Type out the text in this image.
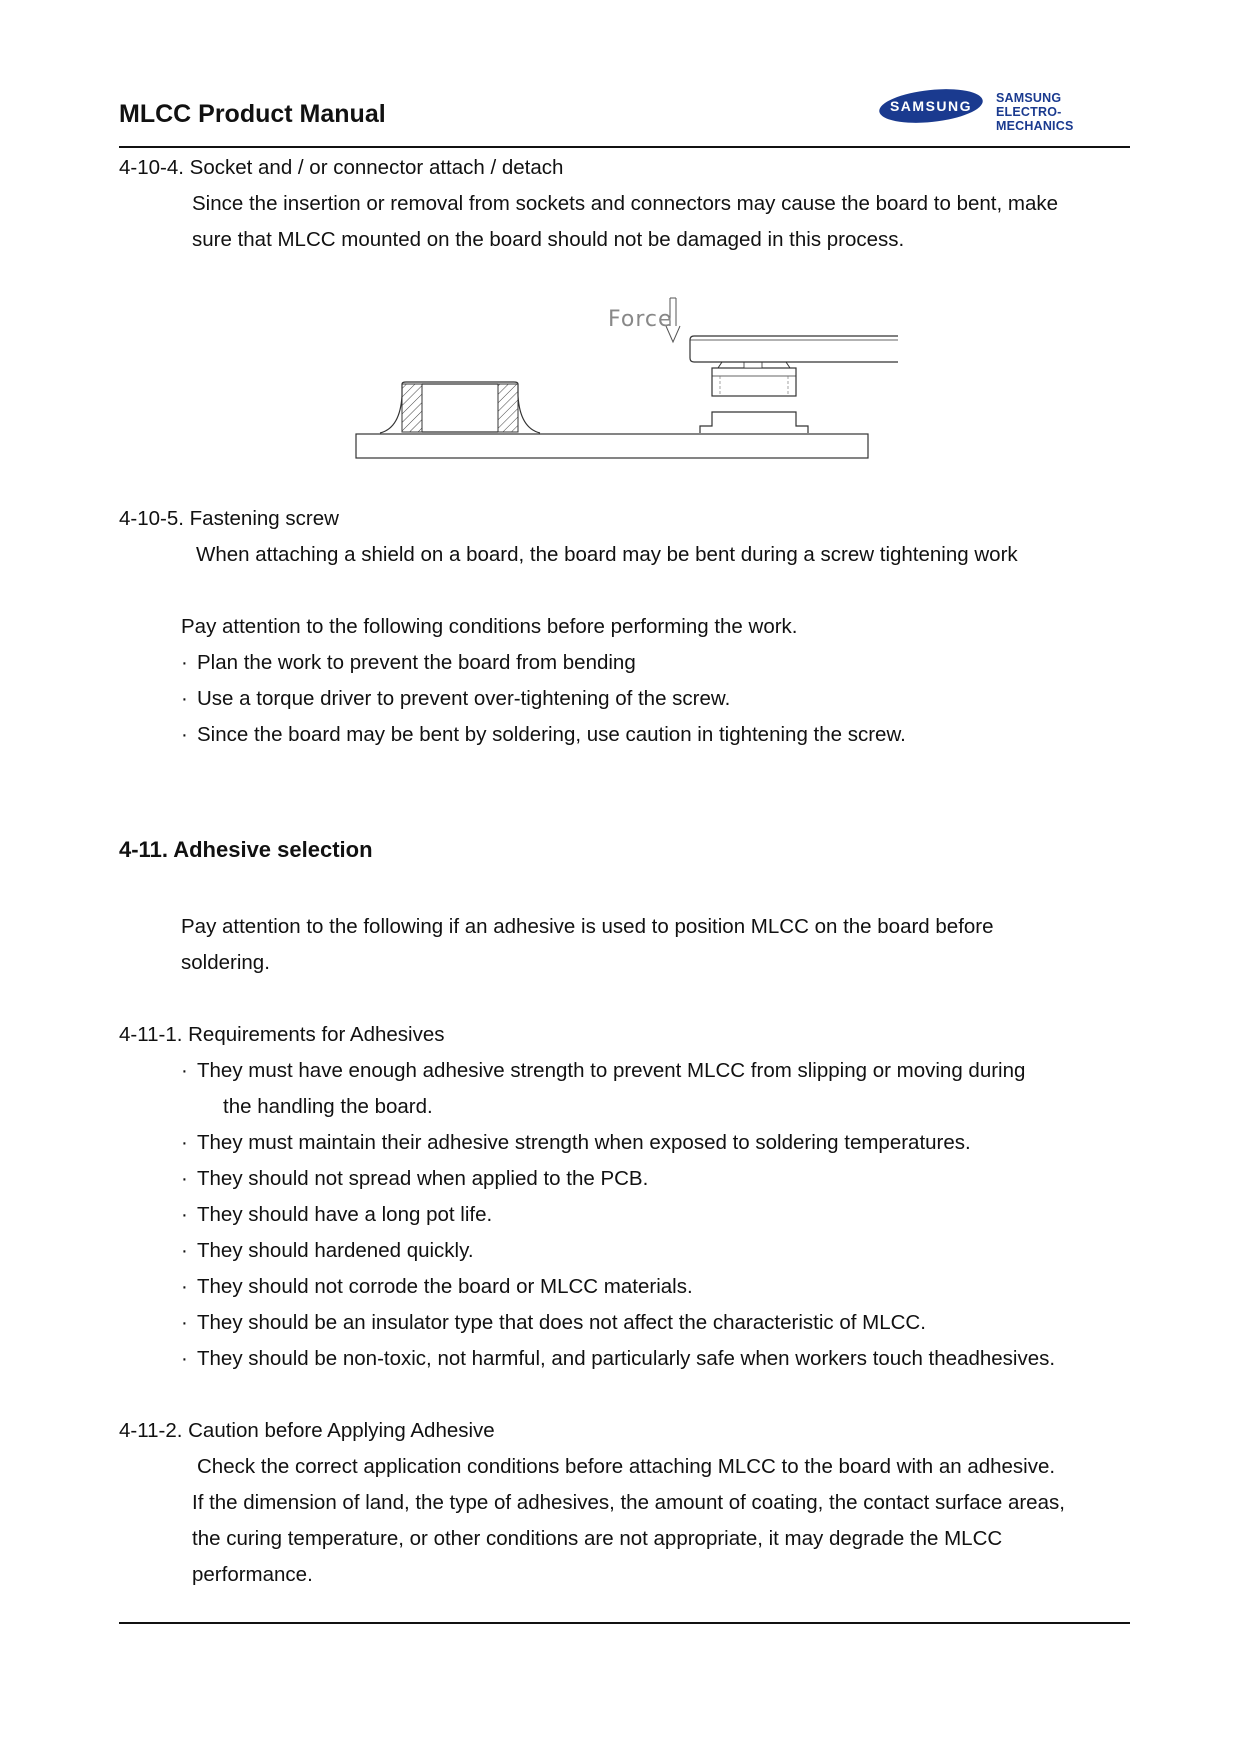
MLCC Product Manual	SAMSUNG SAMSUNG
ELECTRO-MECHANICS

4-10-4. Socket and / or connector attach / detach

Since the insertion or removal from sockets and connectors may cause the board to bent, make

sure that MLCC mounted on the board should not be damaged in this process.

Force

4-10-5. Fastening screw

When attaching a shield on a board, the board may be bent during a screw tightening work

Pay attention to the following conditions before performing the work.

· Plan the work to prevent the board from bending

· Use a torque driver to prevent over-tightening of the screw.

· Since the board may be bent by soldering, use caution in tightening the screw.

4-11. Adhesive selection

Pay attention to the following if an adhesive is used to position MLCC on the board before

soldering.

4-11-1. Requirements for Adhesives

· They must have enough adhesive strength to prevent MLCC from slipping or moving during

the handling the board.

· They must maintain their adhesive strength when exposed to soldering temperatures.

· They should not spread when applied to the PCB.

· They should have a long pot life.

· They should hardened quickly.

· They should not corrode the board or MLCC materials.

· They should be an insulator type that does not affect the characteristic of MLCC.

· They should be non-toxic, not harmful, and particularly safe when workers touch theadhesives.

4-11-2. Caution before Applying Adhesive

Check the correct application conditions before attaching MLCC to the board with an adhesive.

If the dimension of land, the type of adhesives, the amount of coating, the contact surface areas,

the curing temperature, or other conditions are not appropriate, it may degrade the MLCC

performance.
